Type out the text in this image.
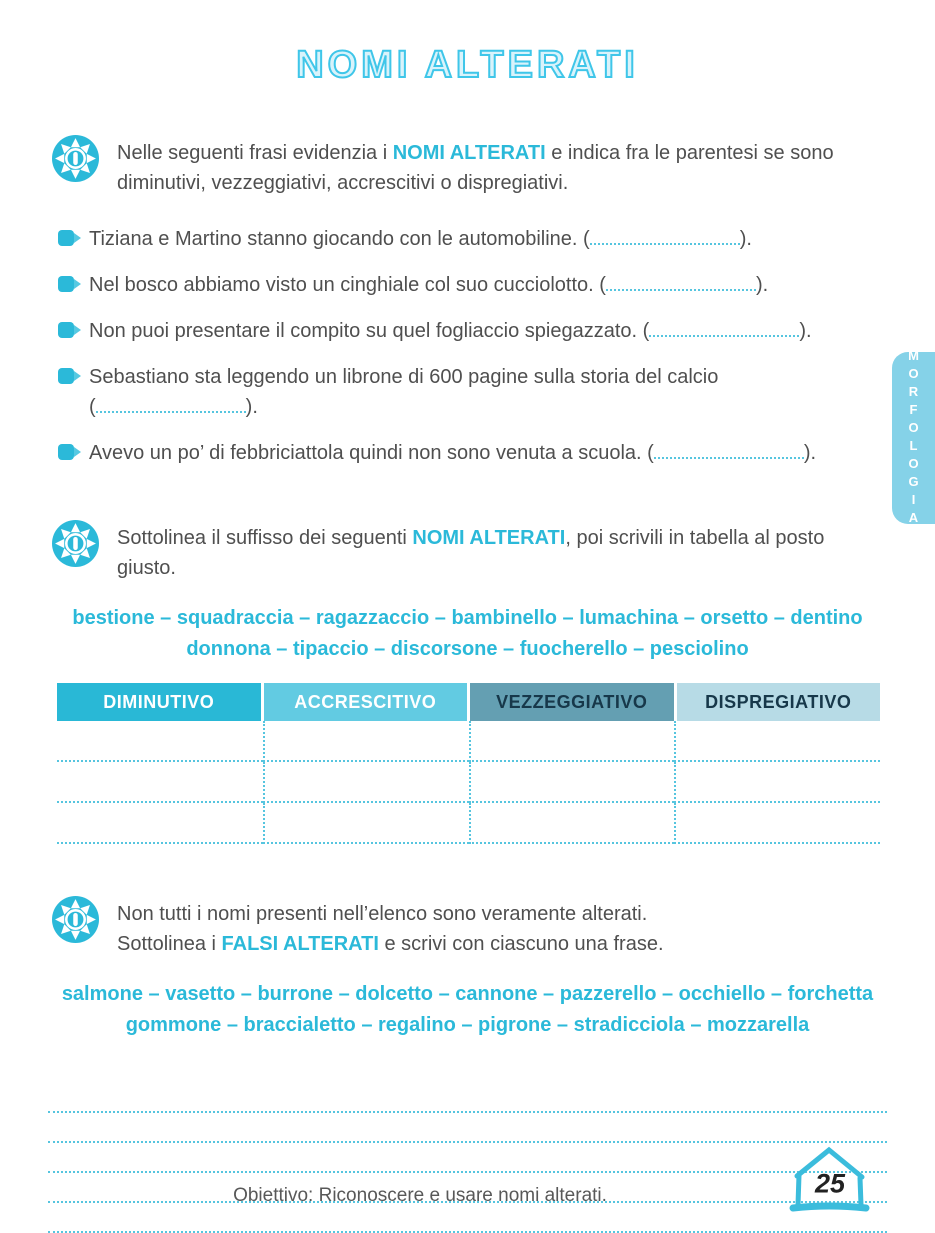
NOMI ALTERATI
Nelle seguenti frasi evidenzia i NOMI ALTERATI e indica fra le parentesi se sono diminutivi, vezzeggiativi, accrescitivi o dispregiativi.
Tiziana e Martino stanno giocando con le automobiline. (	).
Nel bosco abbiamo visto un cinghiale col suo cucciolotto. (	).
Non puoi presentare il compito su quel fogliaccio spiegazzato. (	).
Sebastiano sta leggendo un librone di 600 pagine sulla storia del calcio
(	).
Avevo un po’ di febbriciattola quindi non sono venuta a scuola. (	).
Sottolinea il suffisso dei seguenti NOMI ALTERATI, poi scrivili in tabella al posto giusto.
bestione – squadraccia – ragazzaccio – bambinello – lumachina – orsetto – dentino
donnona – tipaccio – discorsone – fuocherello – pesciolino
DIMINUTIVO	ACCRESCITIVO	VEZZEGGIATIVO	DISPREGIATIVO
Non tutti i nomi presenti nell’elenco sono veramente alterati.
Sottolinea i FALSI ALTERATI e scrivi con ciascuno una frase.
salmone – vasetto – burrone – dolcetto – cannone – pazzerello – occhiello – forchetta
gommone – braccialetto – regalino – pigrone – stradicciola – mozzarella
MORFOLOGIA
Obiettivo: Riconoscere e usare nomi alterati.	25
